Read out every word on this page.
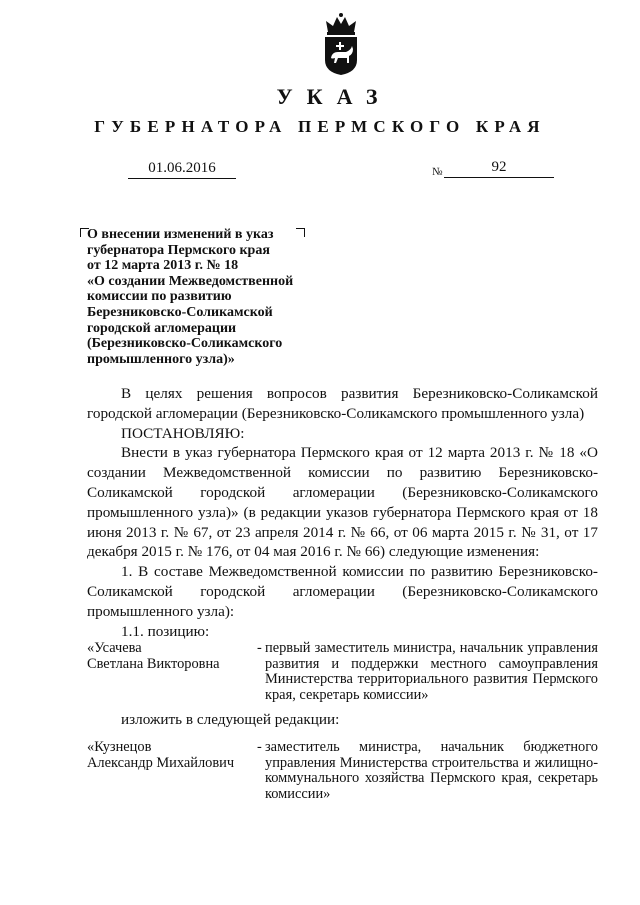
УКАЗ
ГУБЕРНАТОРА ПЕРМСКОГО КРАЯ
01.06.2016	№	92
О внесении изменений в указ
губернатора Пермского края
от 12 марта 2013 г. № 18
«О создании Межведомственной
комиссии по развитию
Березниковско-Соликамской
городской агломерации
(Березниковско-Соликамского
промышленного узла)»
В целях решения вопросов развития Березниковско-Соликамской городской агломерации (Березниковско-Соликамского промышленного узла)
ПОСТАНОВЛЯЮ:
Внести в указ губернатора Пермского края от 12 марта 2013 г. № 18 «О создании Межведомственной комиссии по развитию Березниковско-Соликамской городской агломерации (Березниковско-Соликамского промышленного узла)» (в редакции указов губернатора Пермского края от 18 июня 2013 г. № 67, от 23 апреля 2014 г. № 66, от 06 марта 2015 г. № 31, от 17 декабря 2015 г. № 176, от 04 мая 2016 г. № 66) следующие изменения:
1. В составе Межведомственной комиссии по развитию Березниковско-Соликамской городской агломерации (Березниковско-Соликамского промышленного узла):
1.1. позицию:
«Усачева
Светлана Викторовна
- первый заместитель министра, начальник управления развития и поддержки местного самоуправления Министерства территориального развития Пермского края, секретарь комиссии»
изложить в следующей редакции:
«Кузнецов
Александр Михайлович
- заместитель министра, начальник бюджетного управления Министерства строительства и жилищно-коммунального хозяйства Пермского края, секретарь комиссии»
